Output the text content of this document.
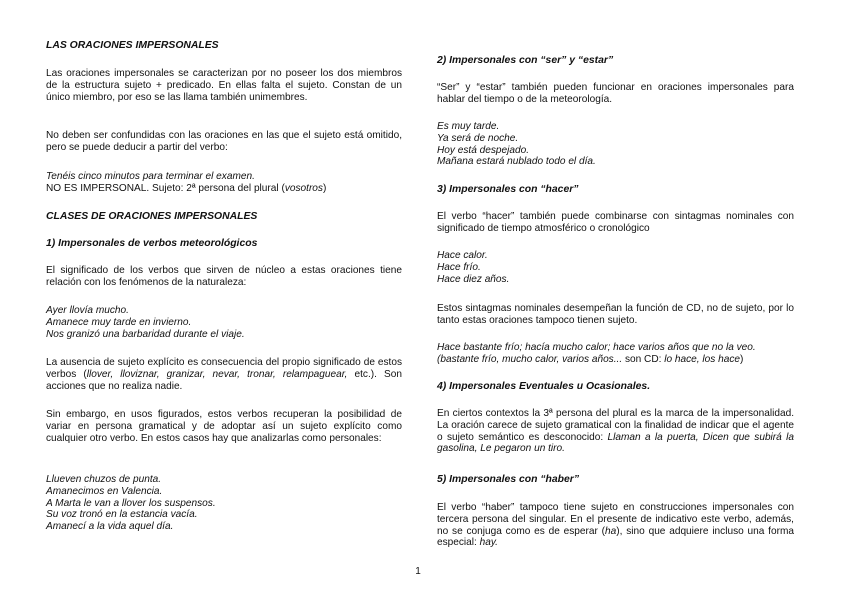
LAS ORACIONES IMPERSONALES

Las oraciones impersonales se caracterizan por no poseer los dos miembros de la estructura sujeto + predicado. En ellas falta el sujeto. Constan de un único miembro, por eso se las llama también unimembres.

No deben ser confundidas con las oraciones en las que el sujeto está omitido, pero se puede deducir a partir del verbo:

Tenéis cinco minutos para terminar el examen.
NO ES IMPERSONAL. Sujeto: 2ª persona del plural (vosotros)

CLASES DE ORACIONES IMPERSONALES

1) Impersonales de verbos meteorológicos

El significado de los verbos que sirven de núcleo a estas oraciones tiene relación con los fenómenos de la naturaleza:

Ayer llovía mucho.
Amanece muy tarde en invierno.
Nos granizó una barbaridad durante el viaje.

La ausencia de sujeto explícito es consecuencia del propio significado de estos verbos (llover, lloviznar, granizar, nevar, tronar, relampaguear, etc.). Son acciones que no realiza nadie.

Sin embargo, en usos figurados, estos verbos recuperan la posibilidad de variar en persona gramatical y de adoptar así un sujeto explícito como cualquier otro verbo. En estos casos hay que analizarlas como personales:

Llueven chuzos de punta.
Amanecimos en Valencia.
A Marta le van a llover los suspensos.
Su voz tronó en la estancia vacía.
Amanecí a la vida aquel día.

2) Impersonales con “ser” y “estar”

“Ser” y “estar” también pueden funcionar en oraciones impersonales para hablar del tiempo o de la meteorología.

Es muy tarde.
Ya será de noche.
Hoy está despejado.
Mañana estará nublado todo el día.

3) Impersonales con “hacer”

El verbo “hacer” también puede combinarse con sintagmas nominales con significado de tiempo atmosférico o cronológico

Hace calor.
Hace frío.
Hace diez años.

Estos sintagmas nominales desempeñan la función de CD, no de sujeto, por lo tanto estas oraciones tampoco tienen sujeto.

Hace bastante frío; hacía mucho calor; hace varios años que no la veo.
(bastante frío, mucho calor, varios años... son CD: lo hace, los hace)

4) Impersonales Eventuales u Ocasionales.

En ciertos contextos la 3ª persona del plural es la marca de la impersonalidad. La oración carece de sujeto gramatical con la finalidad de indicar que el agente o sujeto semántico es desconocido: Llaman a la puerta, Dicen que subirá la gasolina, Le pegaron un tiro.

5) Impersonales con “haber”

El verbo “haber” tampoco tiene sujeto en construcciones impersonales con tercera persona del singular. En el presente de indicativo este verbo, además, no se conjuga como es de esperar (ha), sino que adquiere incluso una forma especial: hay.

1
